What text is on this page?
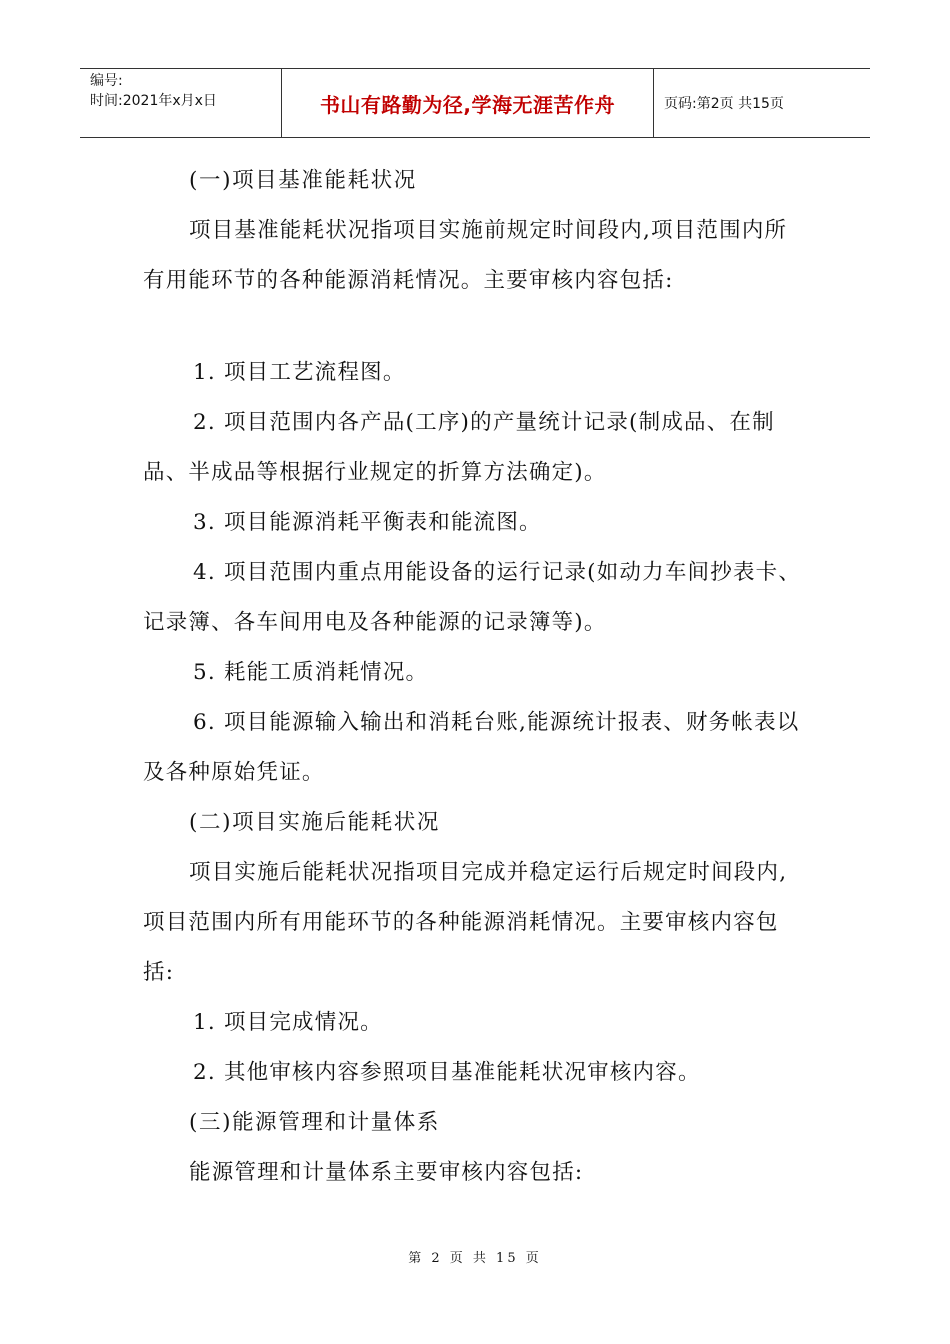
编号:
时间:2021年x月x日	书山有路勤为径,学海无涯苦作舟	页码:第2页 共15页

(一)项目基准能耗状况

项目基准能耗状况指项目实施前规定时间段内,项目范围内所有用能环节的各种能源消耗情况。主要审核内容包括:

1. 项目工艺流程图。

2. 项目范围内各产品(工序)的产量统计记录(制成品、在制品、半成品等根据行业规定的折算方法确定)。

3. 项目能源消耗平衡表和能流图。

4. 项目范围内重点用能设备的运行记录(如动力车间抄表卡、记录簿、各车间用电及各种能源的记录簿等)。

5. 耗能工质消耗情况。

6. 项目能源输入输出和消耗台账,能源统计报表、财务帐表以及各种原始凭证。

(二)项目实施后能耗状况

项目实施后能耗状况指项目完成并稳定运行后规定时间段内,项目范围内所有用能环节的各种能源消耗情况。主要审核内容包括:

1. 项目完成情况。

2. 其他审核内容参照项目基准能耗状况审核内容。

(三)能源管理和计量体系

能源管理和计量体系主要审核内容包括:

第 2 页 共 15 页
